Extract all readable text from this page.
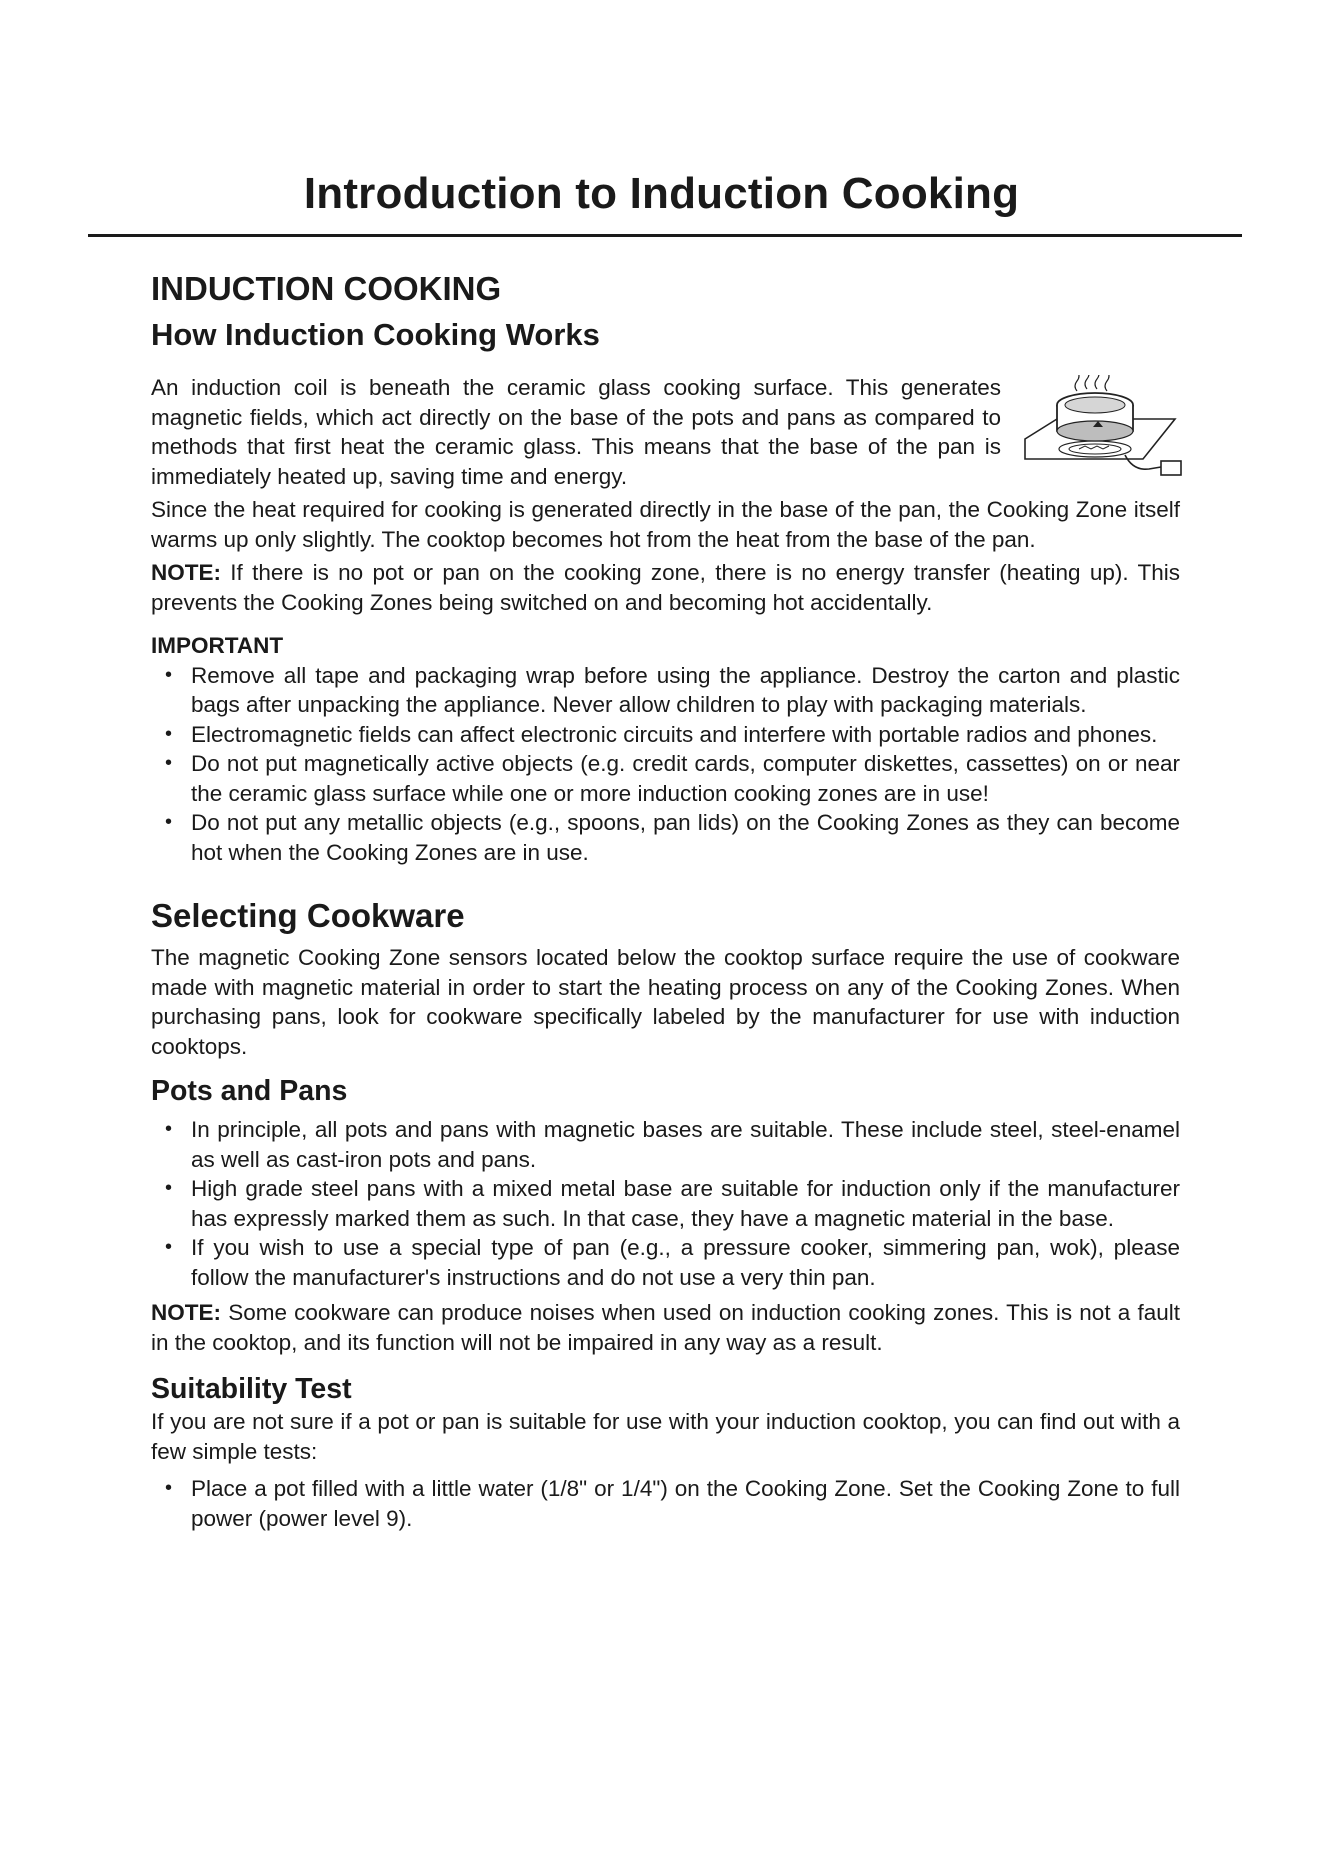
Introduction to Induction Cooking
INDUCTION COOKING
How Induction Cooking Works

An induction coil is beneath the ceramic glass cooking surface. This generates magnetic fields, which act directly on the base of the pots and pans as compared to methods that first heat the ceramic glass. This means that the base of the pan is immediately heated up, saving time and energy.

Since the heat required for cooking is generated directly in the base of the pan, the Cooking Zone itself warms up only slightly. The cooktop becomes hot from the heat from the base of the pan.

NOTE: If there is no pot or pan on the cooking zone, there is no energy transfer (heating up). This prevents the Cooking Zones being switched on and becoming hot accidentally.

IMPORTANT
• Remove all tape and packaging wrap before using the appliance. Destroy the carton and plastic bags after unpacking the appliance. Never allow children to play with packaging materials.
• Electromagnetic fields can affect electronic circuits and interfere with portable radios and phones.
• Do not put magnetically active objects (e.g. credit cards, computer diskettes, cassettes) on or near the ceramic glass surface while one or more induction cooking zones are in use!
• Do not put any metallic objects (e.g., spoons, pan lids) on the Cooking Zones as they can become hot when the Cooking Zones are in use.
Selecting Cookware

The magnetic Cooking Zone sensors located below the cooktop surface require the use of cookware made with magnetic material in order to start the heating process on any of the Cooking Zones. When purchasing pans, look for cookware specifically labeled by the manufacturer for use with induction cooktops.

Pots and Pans
• In principle, all pots and pans with magnetic bases are suitable. These include steel, steel-enamel as well as cast-iron pots and pans.
• High grade steel pans with a mixed metal base are suitable for induction only if the manufacturer has expressly marked them as such. In that case, they have a magnetic material in the base.
• If you wish to use a special type of pan (e.g., a pressure cooker, simmering pan, wok), please follow the manufacturer's instructions and do not use a very thin pan.

NOTE: Some cookware can produce noises when used on induction cooking zones. This is not a fault in the cooktop, and its function will not be impaired in any way as a result.

Suitability Test

If you are not sure if a pot or pan is suitable for use with your induction cooktop, you can find out with a few simple tests:

• Place a pot filled with a little water (1/8" or 1/4") on the Cooking Zone. Set the Cooking Zone to full power (power level 9).
